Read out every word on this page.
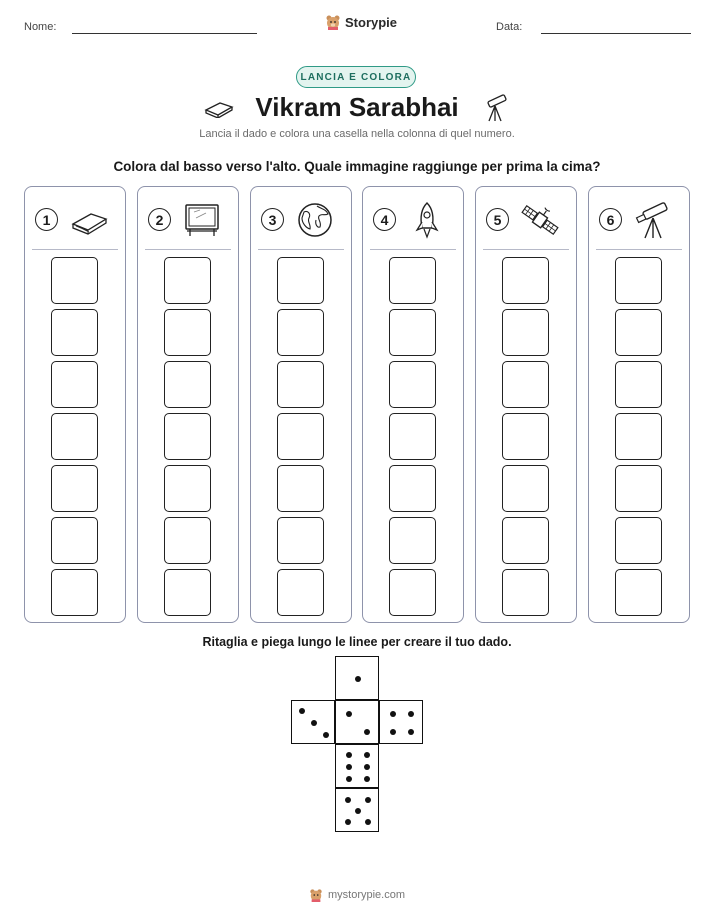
Nome:	Storypie	Data:
LANCIA E COLORA
Vikram Sarabhai
Lancia il dado e colora una casella nella colonna di quel numero.
Colora dal basso verso l'alto. Quale immagine raggiunge per prima la cima?
1	2	3	4	5	6
Ritaglia e piega lungo le linee per creare il tuo dado.
mystorypie.com
